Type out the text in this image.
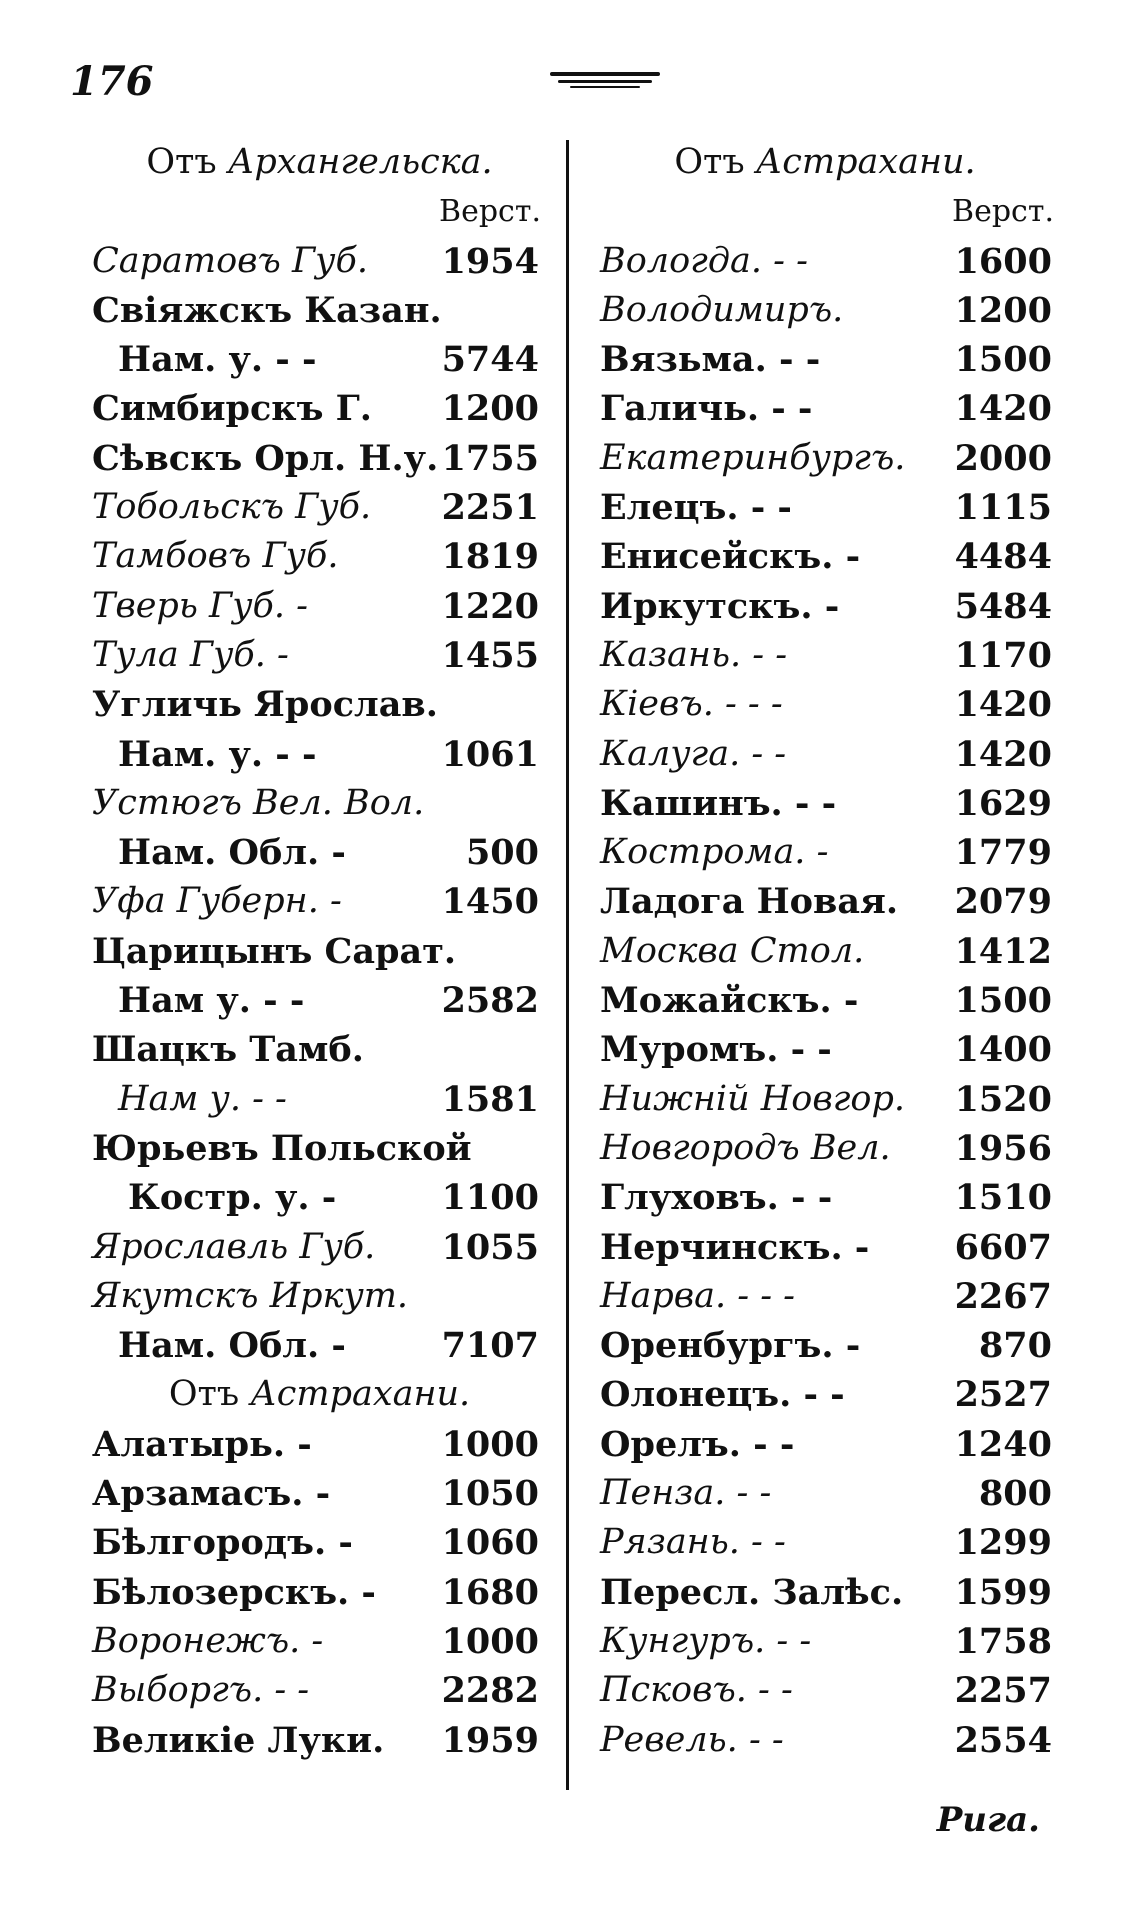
176
Отъ Архангельска.
Верст.
Саратовъ Губ. 1954
Свіяжскъ Казан.
Нам. у. - -	5744
Симбирскъ Г. 1200
Сѣвскъ Орл. Н.у. 1755
Тобольскъ Губ. 2251
Тамбовъ Губ.	1819
Тверь Губ. -	1220
Тула Губ. -	1455
Угличь Ярослав.
Нам. у. - -	1061
Устюгъ Вел. Вол.
Нам. Обл. -	500
Уфа Губерн. -	1450
Царицынъ Сарат.
Нам у. - -	2582
Шацкъ Тамб.
Нам у. - -	1581
Юрьевъ Польской
Костр. у. -	1100
Ярославль Губ. 1055
Якутскъ Иркут.
Нам. Обл. -	7107
Отъ Астрахани.
Алатырь. -	1000
Арзамасъ. -	1050
Бѣлгородъ. -	1060
Бѣлозерскъ. - 1680
Воронежъ. -	1000
Выборгъ. - -	2282
Великіе Луки. 1959
Отъ Астрахани.
Верст.
Вологда. - -	1600
Володимиръ.	1200
Вязьма. - -	1500
Галичь. - -	1420
Екатеринбургъ. 2000
Елецъ. - -	1115
Енисейскъ. -	4484
Иркутскъ. -	5484
Казань. - -	1170
Кіевъ. - - -	1420
Калуга. - -	1420
Кашинъ. - -	1629
Кострома. -	1779
Ладога Новая. 2079
Москва Стол.	1412
Можайскъ. -	1500
Муромъ. - -	1400
Нижній Новгор. 1520
Новгородъ Вел. 1956
Глуховъ. - -	1510
Нерчинскъ. - 6607
Нарва. - - -	2267
Оренбургъ. -	870
Олонецъ. - -	2527
Орелъ. - -	1240
Пенза. - -	800
Рязань. - -	1299
Пересл. Залѣс. 1599
Кунгуръ. - -	1758
Псковъ. - -	2257
Ревель. - -	2554
Рига.
